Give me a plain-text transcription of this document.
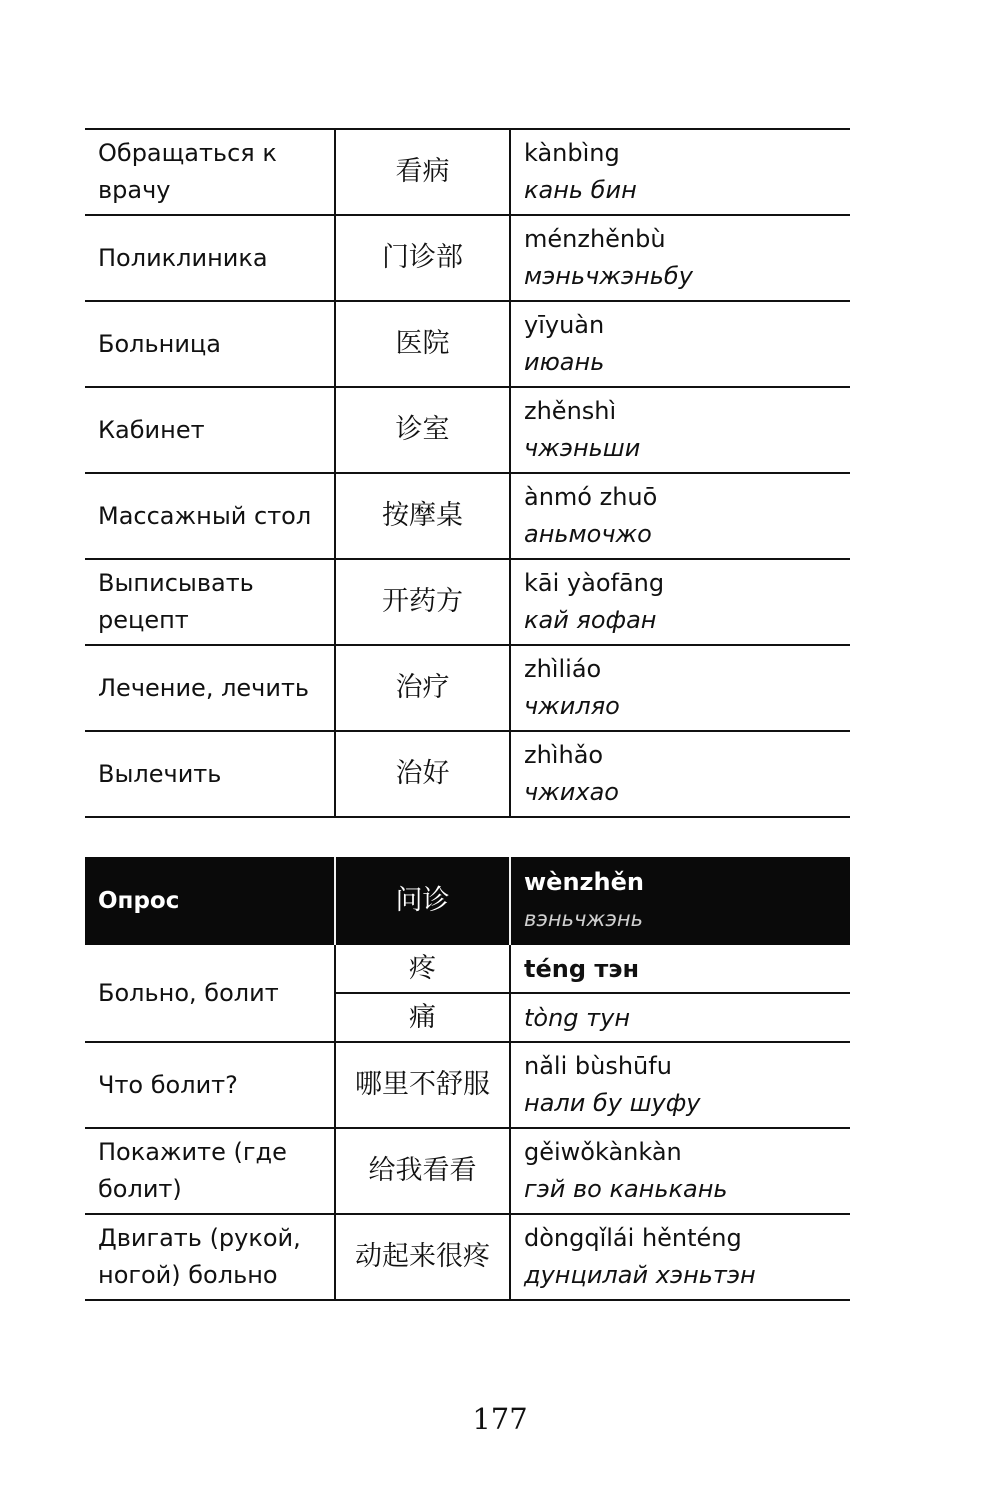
Обращаться к врачу	看病	kànbìng
кань бин

Поликлиника	门诊部	ménzhěnbù
мэньчжэньбу

Больница	医院	yīyuàn
июань

Кабинет	诊室	zhěnshì
чжэньши

Массажный стол	按摩桌	ànmó zhuō
аньмочжо

Выписывать рецепт	开药方	kāi yàofāng
кай яофан

Лечение, лечить	治疗	zhìliáo
чжиляо

Вылечить	治好	zhìhǎo
чжихао
Опрос	问诊	wènzhěn
вэньчжэнь

Больно, болит	疼	téng тэн
	痛	tòng тун
Что болит?	哪里不舒服	nǎli bùshūfu
нали бу шуфу

Покажите (где болит)	给我看看	gěiwǒkànkàn
гэй во канькань

Двигать (рукой, ногой) больно	动起来很疼	dòngqǐlái hěnténg
дунцилай хэньтэн
177
